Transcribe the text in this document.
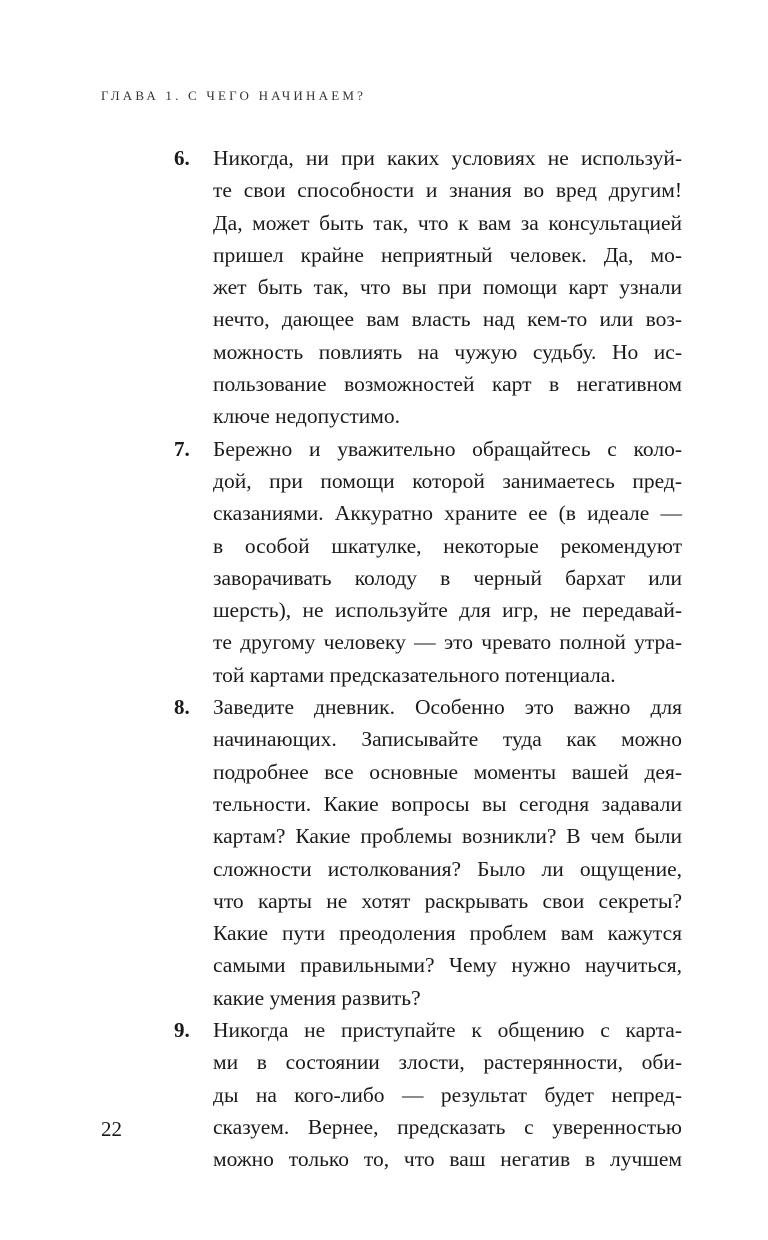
ГЛАВА 1. С ЧЕГО НАЧИНАЕМ?
6. Никогда, ни при каких условиях не используй-
те свои способности и знания во вред другим!
Да, может быть так, что к вам за консультацией
пришел крайне неприятный человек. Да, мо-
жет быть так, что вы при помощи карт узнали
нечто, дающее вам власть над кем-то или воз-
можность повлиять на чужую судьбу. Но ис-
пользование возможностей карт в негативном
ключе недопустимо.
7. Бережно и уважительно обращайтесь с коло-
дой, при помощи которой занимаетесь пред-
сказаниями. Аккуратно храните ее (в идеале —
в особой шкатулке, некоторые рекомендуют
заворачивать колоду в черный бархат или
шерсть), не используйте для игр, не передавай-
те другому человеку — это чревато полной утра-
той картами предсказательного потенциала.
8. Заведите дневник. Особенно это важно для
начинающих. Записывайте туда как можно
подробнее все основные моменты вашей дея-
тельности. Какие вопросы вы сегодня задавали
картам? Какие проблемы возникли? В чем были
сложности истолкования? Было ли ощущение,
что карты не хотят раскрывать свои секреты?
Какие пути преодоления проблем вам кажутся
самыми правильными? Чему нужно научиться,
какие умения развить?
9. Никогда не приступайте к общению с карта-
ми в состоянии злости, растерянности, оби-
ды на кого-либо — результат будет непред-
сказуем. Вернее, предсказать с уверенностью
можно только то, что ваш негатив в лучшем
22
